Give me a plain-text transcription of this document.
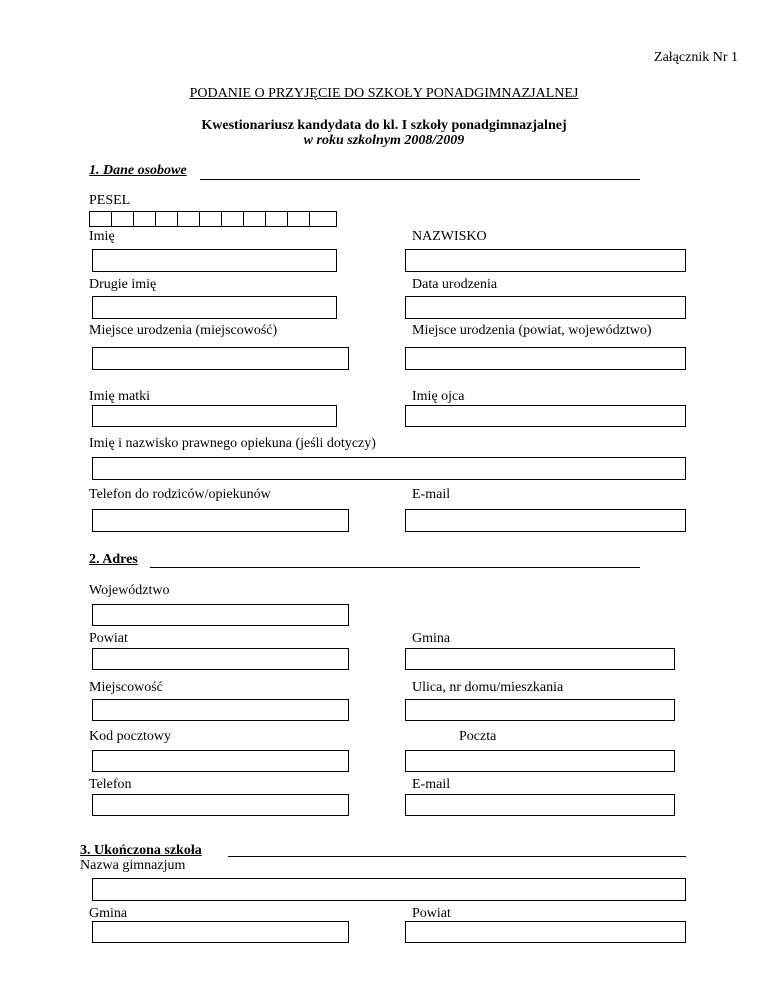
Załącznik Nr 1
PODANIE O PRZYJĘCIE DO SZKOŁY PONADGIMNAZJALNEJ
Kwestionariusz kandydata do kl. I szkoły ponadgimnazjalnej
w roku szkolnym 2008/2009
1. Dane osobowe
PESEL
Imię	NAZWISKO
Drugie imię	Data urodzenia
Miejsce urodzenia (miejscowość)	Miejsce urodzenia (powiat, województwo)
Imię matki	Imię ojca
Imię i nazwisko prawnego opiekuna (jeśli dotyczy)
Telefon do rodziców/opiekunów	E-mail
2. Adres
Województwo
Powiat	Gmina
Miejscowość	Ulica, nr domu/mieszkania
Kod pocztowy	Poczta
Telefon	E-mail
3. Ukończona szkoła
Nazwa gimnazjum
Gmina	Powiat
